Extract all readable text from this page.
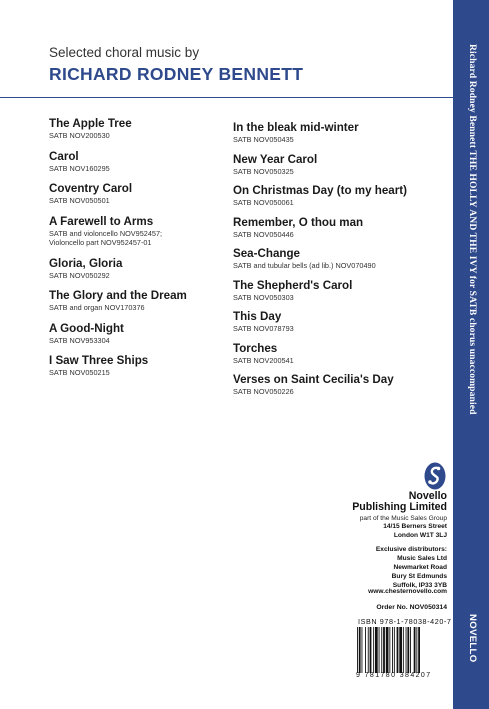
Selected choral music by
RICHARD RODNEY BENNETT
The Apple Tree
SATB NOV200530
Carol
SATB NOV160295
Coventry Carol
SATB NOV050501
A Farewell to Arms
SATB and violoncello NOV952457;
Violoncello part NOV952457-01
Gloria, Gloria
SATB NOV050292
The Glory and the Dream
SATB and organ NOV170376
A Good-Night
SATB NOV953304
I Saw Three Ships
SATB NOV050215
In the bleak mid-winter
SATB NOV050435
New Year Carol
SATB NOV050325
On Christmas Day (to my heart)
SATB NOV050061
Remember, O thou man
SATB NOV050446
Sea-Change
SATB and tubular bells (ad lib.) NOV070490
The Shepherd's Carol
SATB NOV050303
This Day
SATB NOV078793
Torches
SATB NOV200541
Verses on Saint Cecilia's Day
SATB NOV050226
Novello
Publishing Limited
part of the Music Sales Group
14/15 Berners Street
London W1T 3LJ
Exclusive distributors:
Music Sales Ltd
Newmarket Road
Bury St Edmunds
Suffolk, IP33 3YB
www.chesternovello.com
Order No. NOV050314
ISBN 978-1-78038-420-7
9 781780 384207
Richard Rodney Bennett THE HOLLY AND THE IVY for SATB chorus unaccompanied
NOVELLO
